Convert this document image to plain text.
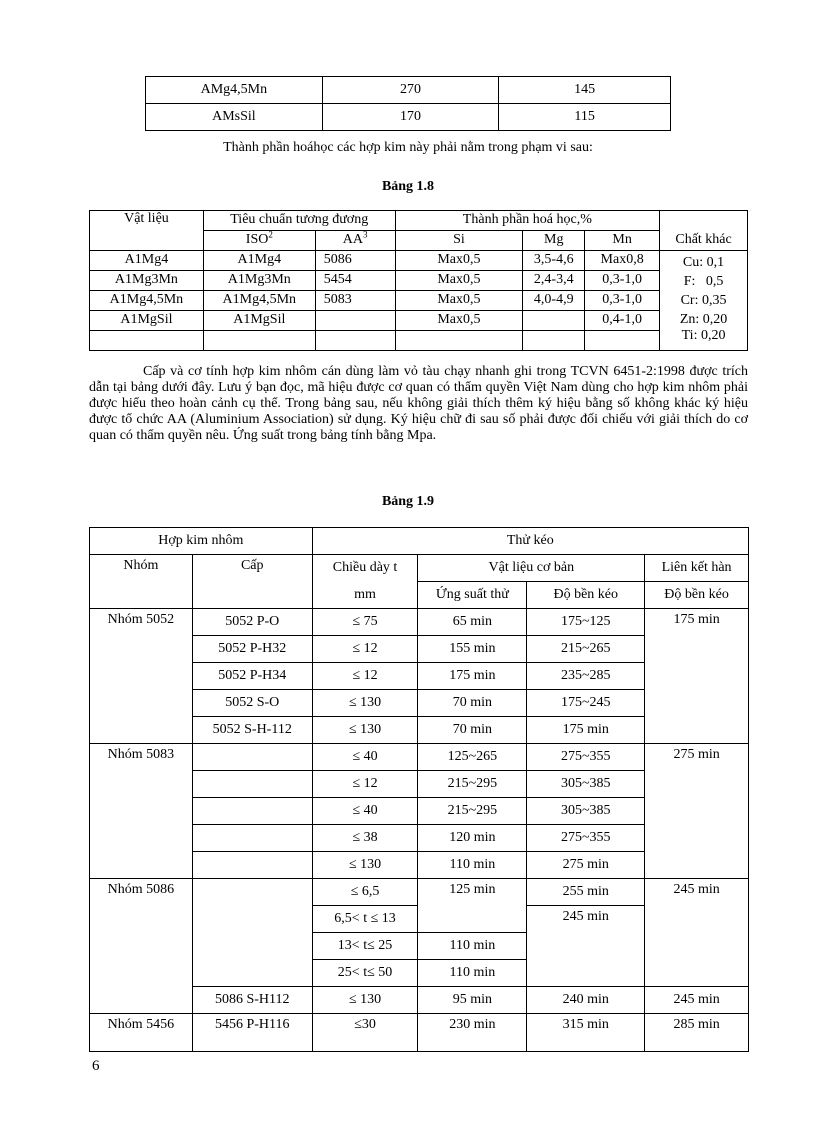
AMg4,5Mn	270	145
AMsSil	170	115
Thành phần hoáhọc các hợp kim này phải nằm trong phạm vi sau:
Bảng 1.8
Vật liệu	Tiêu chuẩn tương đương		Thành phần hoá học,%			
	ISO$^2$	$AA^3$	Si	Mg	Mn	Chất khác
A1Mg4	A1Mg4	5086	Max0,5	3,5-4,6	Max0,8	Cu: 0,1
F:   0,5
Cr: 0,35
Zn: 0,20
Ti: 0,20

A1Mg3Mn	A1Mg3Mn	5454	Max0,5	2,4-3,4	0,3-1,0	
A1Mg4,5Mn	A1Mg4,5Mn	5083	Max0,5	4,0-4,9	0,3-1,0	
A1MgSil	A1MgSil		Max0,5		0,4-1,0	

Cấp và cơ tính hợp kim nhôm cán dùng làm vỏ tàu chạy nhanh ghi trong TCVN 6451-2:1998 được trích dẫn tại bảng dưới đây. Lưu ý bạn đọc, mã hiệu được cơ quan có thẩm quyền Việt Nam dùng cho hợp kim nhôm phải được hiểu theo hoàn cảnh cụ thể. Trong bảng sau, nếu không giải thích thêm ký hiệu bằng số không khác ký hiệu được tổ chức AA (Aluminium Association) sử dụng. Ký hiệu chữ đi sau số phải được đối chiếu với giải thích do cơ quan có thẩm quyền nêu. Ứng suất trong bảng tính bằng Mpa.

Bảng 1.9
Hợp kim nhôm		Thử kéo			
Nhóm	Cấp	Chiều dày t	Vật liệu cơ bản		Liên kết hàn
		mm	Ứng suất thử	Độ bền kéo	Độ bền kéo
Nhóm 5052	5052 P-O	≤ 75	65 min	175~125	175 min
	5052 P-H32	≤ 12	155 min	215~265	
	5052 P-H34	≤ 12	175 min	235~285	
	5052 S-O	≤ 130	70 min	175~245	
	5052 S-H-112	≤ 130	70 min	175 min	
Nhóm 5083		≤ 40	125~265	275~355	275 min
		≤ 12	215~295	305~385	
		≤ 40	215~295	305~385	
		≤ 38	120 min	275~355	
		≤ 130	110 min	275 min	
Nhóm 5086		≤ 6,5	125 min	255 min	245 min
		6,5< t ≤ 13		245 min	
		13< t≤ 25	110 min		
		25< t≤ 50	110 min		
	5086 S-H112	≤ 130	95 min	240 min	245 min
Nhóm 5456	5456 P-H116	≤30	230 min	315 min	285 min
6
